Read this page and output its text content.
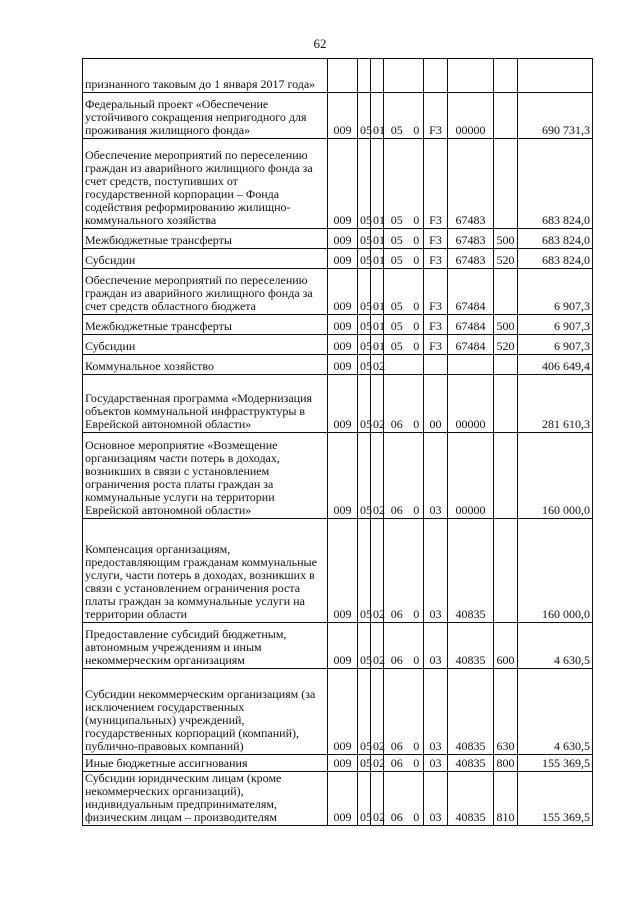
62
признанного таковым до 1 января 2017 года»									
Федеральный проект «Обеспечение устойчивого сокращения непригодного для проживания жилищного фонда»	009	05	01	05	0	F3	00000		690 731,3
Обеспечение мероприятий по переселению граждан из аварийного жилищного фонда за счет средств, поступивших от государственной корпорации – Фонда содействия реформированию жилищно-коммунального хозяйства	009	05	01	05	0	F3	67483		683 824,0
Межбюджетные трансферты	009	05	01	05	0	F3	67483	500	683 824,0
Субсидии	009	05	01	05	0	F3	67483	520	683 824,0
Обеспечение мероприятий по переселению граждан из аварийного жилищного фонда за счет средств областного бюджета	009	05	01	05	0	F3	67484		6 907,3
Межбюджетные трансферты	009	05	01	05	0	F3	67484	500	6 907,3
Субсидии	009	05	01	05	0	F3	67484	520	6 907,3
Коммунальное хозяйство	009	05	02						406 649,4
Государственная программа «Модернизация объектов коммунальной инфраструктуры в Еврейской автономной области»	009	05	02	06	0	00	00000		281 610,3
Основное мероприятие «Возмещение организациям части потерь в доходах, возникших в связи с установлением ограничения роста платы граждан за коммунальные услуги на территории Еврейской автономной области»	009	05	02	06	0	03	00000		160 000,0
Компенсация организациям, предоставляющим гражданам коммунальные услуги, части потерь в доходах, возникших в связи с установлением ограничения роста платы граждан за коммунальные услуги на территории области	009	05	02	06	0	03	40835		160 000,0
Предоставление субсидий бюджетным, автономным учреждениям и иным некоммерческим организациям	009	05	02	06	0	03	40835	600	4 630,5
Субсидии некоммерческим организациям (за исключением государственных (муниципальных) учреждений, государственных корпораций (компаний), публично-правовых компаний)	009	05	02	06	0	03	40835	630	4 630,5
Иные бюджетные ассигнования	009	05	02	06	0	03	40835	800	155 369,5
Субсидии юридическим лицам (кроме некоммерческих организаций), индивидуальным предпринимателям, физическим лицам – производителям	009	05	02	06	0	03	40835	810	155 369,5
